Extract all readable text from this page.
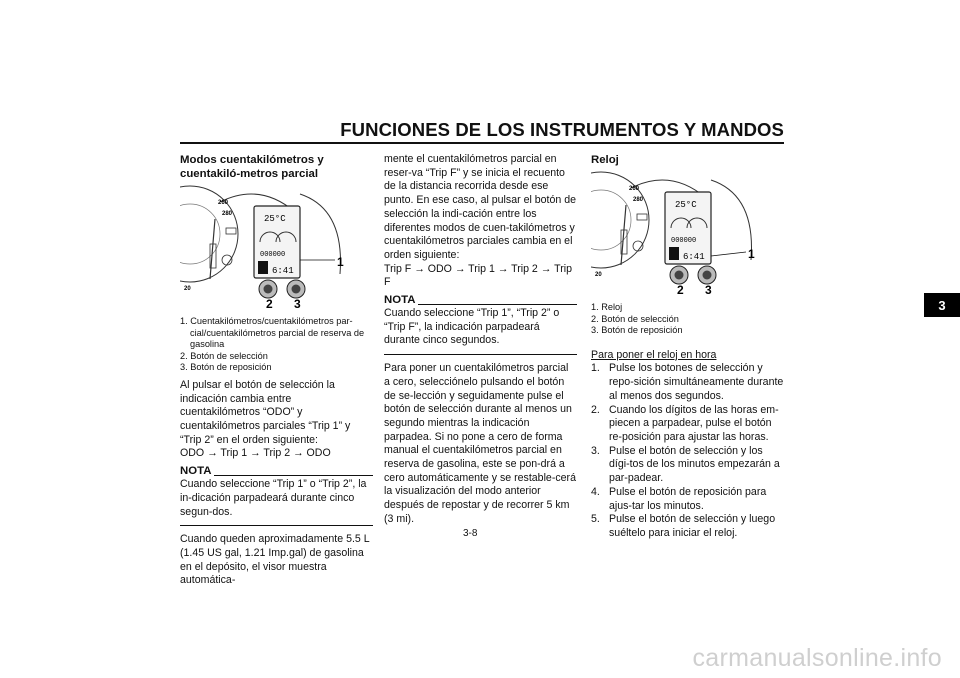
FUNCIONES DE LOS INSTRUMENTOS Y MANDOS

Modos cuentakilómetros y cuentakiló-metros parcial

260
280
20
25°C
000000
6:41
1
2 3

1. Cuentakilómetros/cuentakilómetros par-cial/cuentakilómetros parcial de reserva de gasolina

2. Botón de selección

3. Botón de reposición

Al pulsar el botón de selección la indicación cambia entre cuentakilómetros “ODO” y cuentakilómetros parciales “Trip 1” y “Trip 2” en el orden siguiente:

ODO → Trip 1 → Trip 2 → ODO

NOTA

Cuando seleccione “Trip 1” o “Trip 2”, la in-dicación parpadeará durante cinco segun-dos.

Cuando queden aproximadamente 5.5 L (1.45 US gal, 1.21 Imp.gal) de gasolina en el depósito, el visor muestra automática-

mente el cuentakilómetros parcial en reser-va “Trip F” y se inicia el recuento de la distancia recorrida desde ese punto. En ese caso, al pulsar el botón de selección la indi-cación entre los diferentes modos de cuen-takilómetros y cuentakilómetros parciales cambia en el orden siguiente:

Trip F → ODO → Trip 1 → Trip 2 → Trip F

NOTA

Cuando seleccione “Trip 1”, “Trip 2” o “Trip F”, la indicación parpadeará durante cinco segundos.

Para poner un cuentakilómetros parcial a cero, selecciónelo pulsando el botón de se-lección y seguidamente pulse el botón de selección durante al menos un segundo mientras la indicación parpadea. Si no pone a cero de forma manual el cuentakilómetros parcial en reserva de gasolina, este se pon-drá a cero automáticamente y se restable-cerá la visualización del modo anterior después de repostar y de recorrer 5 km (3 mi).

Reloj

260
280
20
25°C
000000
6:41	1
2 3

1. Reloj

2. Botón de selección

3. Botón de reposición

Para poner el reloj en hora

1. Pulse los botones de selección y repo-sición simultáneamente durante al menos dos segundos.
2. Cuando los dígitos de las horas em-piecen a parpadear, pulse el botón re-posición para ajustar las horas.
3. Pulse el botón de selección y los dígi-tos de los minutos empezarán a par-padear.
4. Pulse el botón de reposición para ajus-tar los minutos.
5. Pulse el botón de selección y luego suéltelo para iniciar el reloj.
3
3-8
carmanualsonline.info
